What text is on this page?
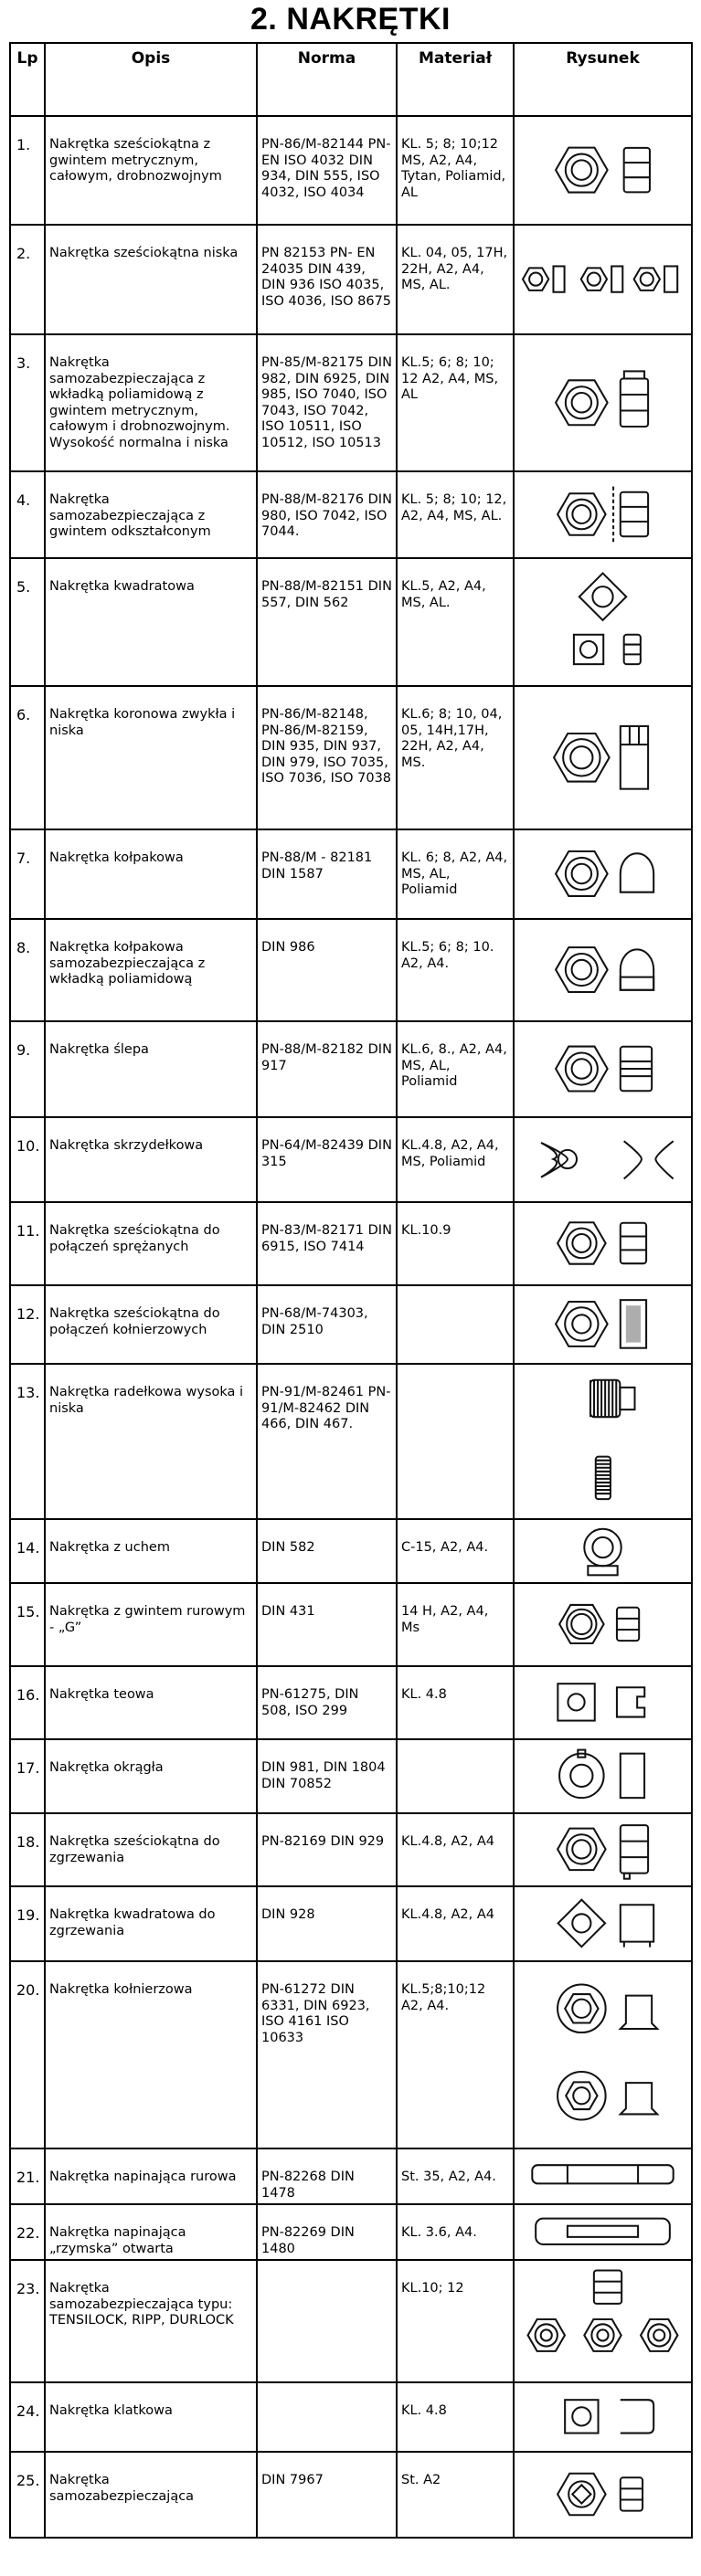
2. NAKRĘTKI
Lp	Opis	Norma	Materiał	Rysunek
1.	Nakrętka sześciokątna z gwintem metrycznym, całowym, drobnozwojnym	PN-86/M-82144 PN-EN ISO 4032 DIN 934, DIN 555, ISO 4032, ISO 4034	KL. 5; 8; 10;12 MS, A2, A4, Tytan, Poliamid, AL	

2.	Nakrętka sześciokątna niska	PN 82153 PN- EN 24035 DIN 439, DIN 936 ISO 4035, ISO 4036, ISO 8675	KL. 04, 05, 17H, 22H, A2, A4, MS, AL.	

3.	Nakrętka samozabezpieczająca z wkładką poliamidową z gwintem metrycznym, całowym i drobnozwojnym. Wysokość normalna i niska	PN-85/M-82175 DIN 982, DIN 6925, DIN 985, ISO 7040, ISO 7043, ISO 7042, ISO 10511, ISO 10512, ISO 10513	KL.5; 6; 8; 10; 12 A2, A4, MS, AL	

4.	Nakrętka samozabezpieczająca z gwintem odkształconym	PN-88/M-82176 DIN 980, ISO 7042, ISO 7044.	KL. 5; 8; 10; 12, A2, A4, MS, AL.	

5.	Nakrętka kwadratowa	PN-88/M-82151 DIN 557, DIN 562	KL.5, A2, A4, MS, AL.	

6.	Nakrętka koronowa zwykła i niska	PN-86/M-82148, PN-86/M-82159, DIN 935, DIN 937, DIN 979, ISO 7035, ISO 7036, ISO 7038	KL.6; 8; 10, 04, 05, 14H,17H, 22H, A2, A4, MS.	

7.	Nakrętka kołpakowa	PN-88/M - 82181 DIN 1587	KL. 6; 8, A2, A4, MS, AL, Poliamid	

8.	Nakrętka kołpakowa samozabezpieczająca z wkładką poliamidową	DIN 986	KL.5; 6; 8; 10. A2, A4.	

9.	Nakrętka ślepa	PN-88/M-82182 DIN 917	KL.6, 8., A2, A4, MS, AL, Poliamid	

10.	Nakrętka skrzydełkowa	PN-64/M-82439 DIN 315	KL.4.8, A2, A4, MS, Poliamid	

11.	Nakrętka sześciokątna do połączeń sprężanych	PN-83/M-82171 DIN 6915, ISO 7414	KL.10.9	

12.	Nakrętka sześciokątna do połączeń kołnierzowych	PN-68/M-74303, DIN 2510		

13.	Nakrętka radełkowa wysoka i niska	PN-91/M-82461 PN-91/M-82462 DIN 466, DIN 467.		

14.	Nakrętka z uchem	DIN 582	C-15, A2, A4.	

15.	Nakrętka z gwintem rurowym - „G”	DIN 431	14 H, A2, A4, Ms	

16.	Nakrętka teowa	PN-61275, DIN 508, ISO 299	KL. 4.8	

17.	Nakrętka okrągła	DIN 981, DIN 1804 DIN 70852		

18.	Nakrętka sześciokątna do zgrzewania	PN-82169 DIN 929	KL.4.8, A2, A4	

19.	Nakrętka kwadratowa do zgrzewania	DIN 928	KL.4.8, A2, A4	

20.	Nakrętka kołnierzowa	PN-61272 DIN 6331, DIN 6923, ISO 4161 ISO 10633	KL.5;8;10;12 A2, A4.	

21.	Nakrętka napinająca rurowa	PN-82268 DIN 1478	St. 35, A2, A4.	

22.	Nakrętka napinająca „rzymska” otwarta	PN-82269 DIN 1480	KL. 3.6, A4.	

23.	Nakrętka samozabezpieczająca typu: TENSILOCK, RIPP, DURLOCK		KL.10; 12	

24.	Nakrętka klatkowa		KL. 4.8	

25.	Nakrętka samozabezpieczająca	DIN 7967	St. A2	
